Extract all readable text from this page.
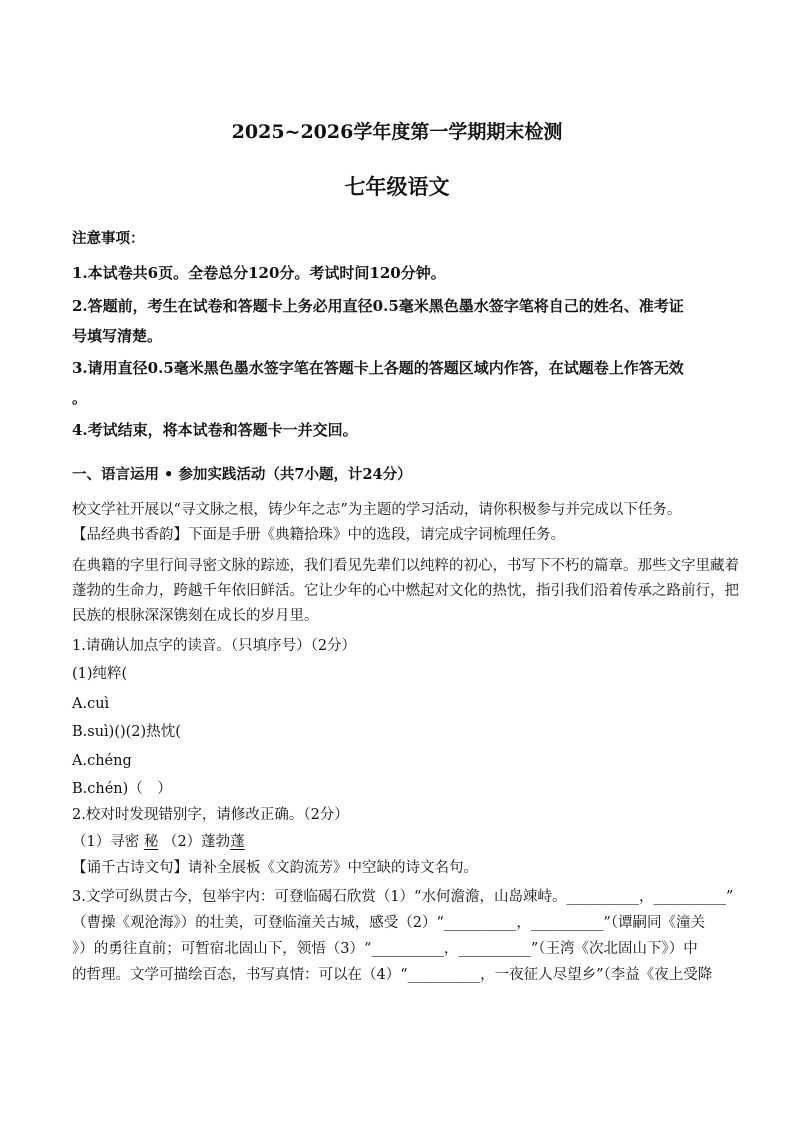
2025~2026学年度第一学期期末检测
七年级语文
注意事项：
1.本试卷共6页。全卷总分120分。考试时间120分钟。
2.答题前，考生在试卷和答题卡上务必用直径0.5毫米黑色墨水签字笔将自己的姓名、准考证
号填写清楚。
3.请用直径0.5毫米黑色墨水签字笔在答题卡上各题的答题区域内作答，在试题卷上作答无效
。
4.考试结束，将本试卷和答题卡一并交回。
一、语言运用 • 参加实践活动（共7小题，计24分）
校文学社开展以“寻文脉之根，铸少年之志”为主题的学习活动，请你积极参与并完成以下任务。
【品经典书香韵】下面是手册《典籍拾珠》中的选段，请完成字词梳理任务。
在典籍的字里行间寻密文脉的踪迹，我们看见先辈们以纯粹的初心，书写下不朽的篇章。那些文字里藏着
蓬勃的生命力，跨越千年依旧鲜活。它让少年的心中燃起对文化的热忱，指引我们沿着传承之路前行，把
民族的根脉深深镌刻在成长的岁月里。
1.请确认加点字的读音。（只填序号）（2分）
(1)纯粹(
A.cuì
B.suì)()(2)热忱(
A.chéng
B.chén)（　）
2.校对时发现错别字，请修改正确。（2分）
（1）寻密 秘 （2）蓬勃蓬
【诵千古诗文句】请补全展板《文韵流芳》中空缺的诗文名句。
3.文学可纵贯古今，包举宇内：可登临碣石欣赏（1）“水何澹澹，山岛竦峙。__________，__________”
（曹操《观沧海》）的壮美，可登临潼关古城，感受（2）“__________，__________”（谭嗣同《潼关
》）的勇往直前；可暂宿北固山下，领悟（3）“__________，__________”（王湾《次北固山下》）中
的哲理。文学可描绘百态，书写真情：可以在（4）“__________，一夜征人尽望乡”（李益《夜上受降
